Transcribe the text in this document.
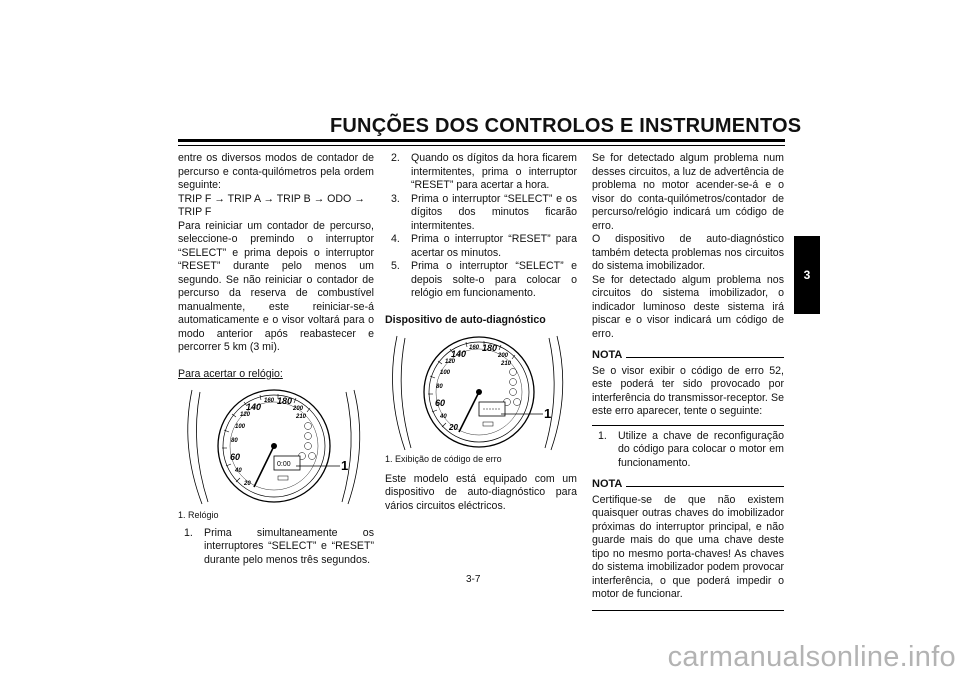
FUNÇÕES DOS CONTROLOS E INSTRUMENTOS
3

entre os diversos modos de contador de percurso e conta-quilómetros pela ordem seguinte:

TRIP F → TRIP A → TRIP B → ODO →

TRIP F

Para reiniciar um contador de percurso, seleccione-o premindo o interruptor “SELECT” e prima depois o interruptor “RESET” durante pelo menos um segundo. Se não reiniciar o contador de percurso da reserva de combustível manualmente, este reiniciar-se-á automaticamente e o visor voltará para o modo anterior após reabastecer e percorrer 5 km (3 mi).

Para acertar o relógio:

20
40
60
80
100
120
140
160 180
200
210
0:00	1
1. Relógio
1.	Prima simultaneamente os interruptores “SELECT” e “RESET” durante pelo menos três segundos.
2.	Quando os dígitos da hora ficarem intermitentes, prima o interruptor “RESET” para acertar a hora.
3.	Prima o interruptor “SELECT” e os dígitos dos minutos ficarão intermitentes.
4.	Prima o interruptor “RESET” para acertar os minutos.
5.	Prima o interruptor “SELECT” e depois solte-o para colocar o relógio em funcionamento.

Dispositivo de auto-diagnóstico

20
40
60
80
100
120
140
160 180
200
210
1
1. Exibição de código de erro

Este modelo está equipado com um dispositivo de auto-diagnóstico para vários circuitos eléctricos.

Se for detectado algum problema num desses circuitos, a luz de advertência de problema no motor acender-se-á e o visor do conta-quilómetros/contador de percurso/relógio indicará um código de erro.

O dispositivo de auto-diagnóstico também detecta problemas nos circuitos do sistema imobilizador.

Se for detectado algum problema nos circuitos do sistema imobilizador, o indicador luminoso deste sistema irá piscar e o visor indicará um código de erro.

NOTA

Se o visor exibir o código de erro 52, este poderá ter sido provocado por interferência do transmissor-receptor. Se este erro aparecer, tente o seguinte:

1.	Utilize a chave de reconfiguração do código para colocar o motor em funcionamento.
NOTA

Certifique-se de que não existem quaisquer outras chaves do imobilizador próximas do interruptor principal, e não guarde mais do que uma chave deste tipo no mesmo porta-chaves! As chaves do sistema imobilizador podem provocar interferência, o que poderá impedir o motor de funcionar.

3-7
carmanualsonline.info
